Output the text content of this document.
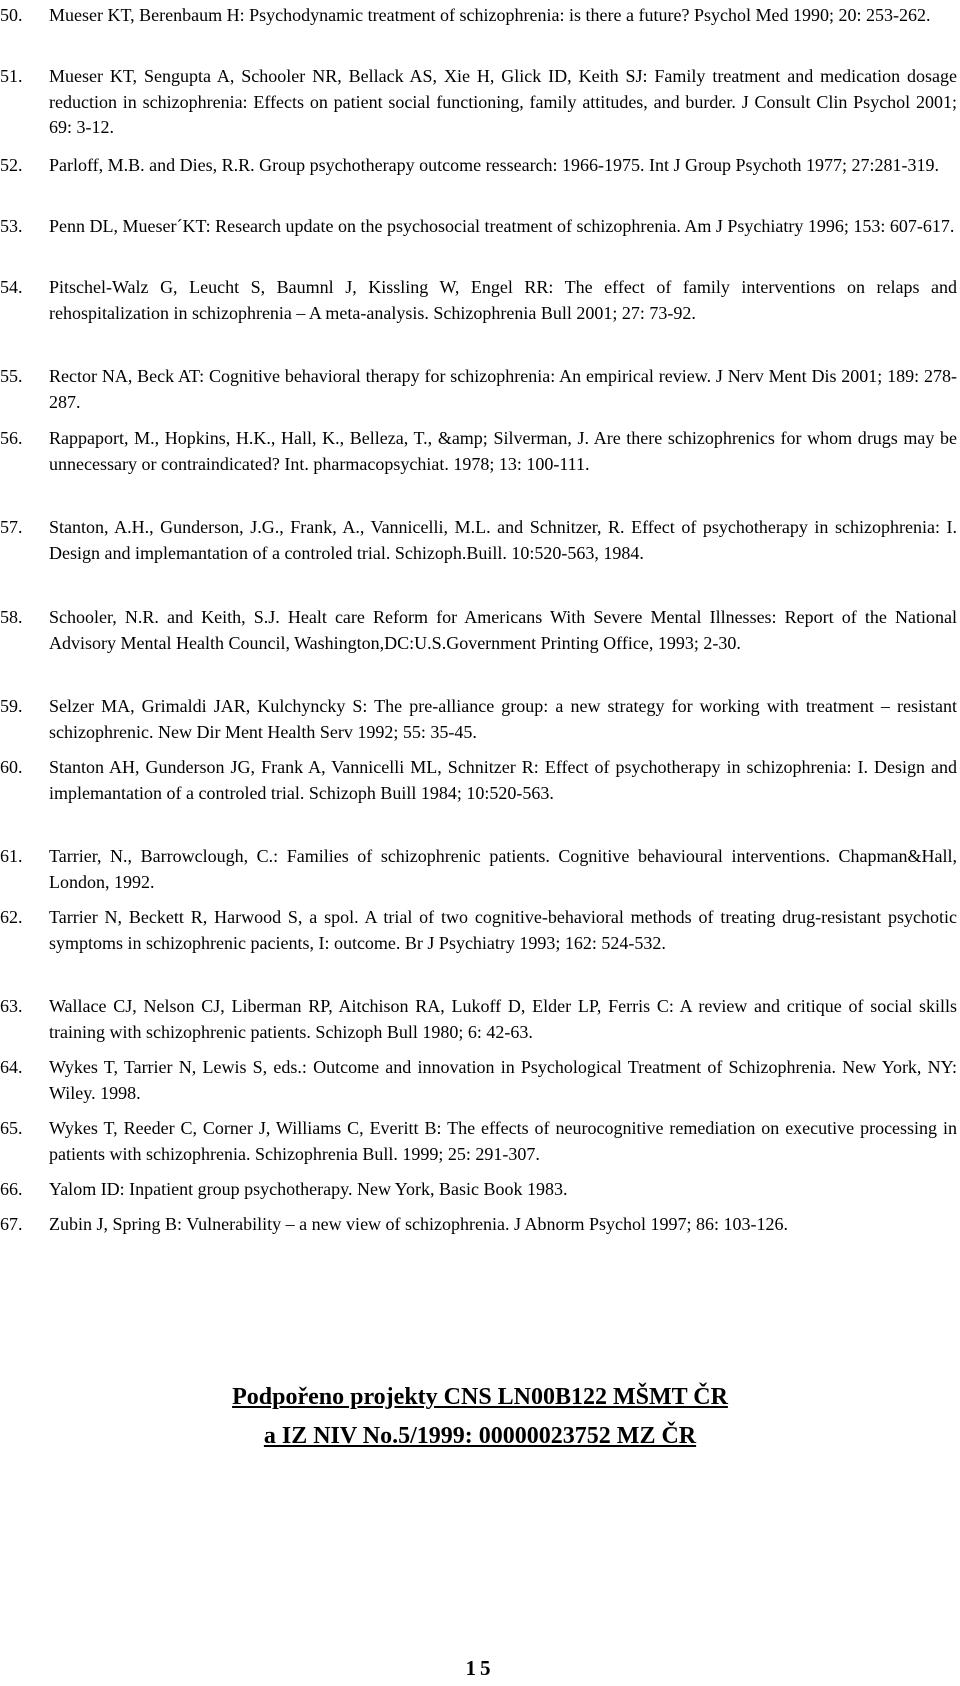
50. Mueser KT, Berenbaum H: Psychodynamic treatment of schizophrenia: is there a future? Psychol Med 1990; 20: 253-262.

51. Mueser KT, Sengupta A, Schooler NR, Bellack AS, Xie H, Glick ID, Keith SJ: Family treatment and medication dosage reduction in schizophrenia: Effects on patient social functioning, family attitudes, and burder. J Consult Clin Psychol 2001; 69: 3-12.

52. Parloff, M.B. and Dies, R.R. Group psychotherapy outcome ressearch: 1966-1975. Int J Group Psychoth 1977; 27:281-319.

53. Penn DL, Mueser´KT: Research update on the psychosocial treatment of schizophrenia. Am J Psychiatry 1996; 153: 607-617.

54. Pitschel-Walz G, Leucht S, Baumnl J, Kissling W, Engel RR: The effect of family interventions on relaps and rehospitalization in schizophrenia – A meta-analysis. Schizophrenia Bull 2001; 27: 73-92.

55. Rector NA, Beck AT: Cognitive behavioral therapy for schizophrenia: An empirical review. J Nerv Ment Dis 2001; 189: 278-287.

56. Rappaport, M., Hopkins, H.K., Hall, K., Belleza, T., &amp; Silverman, J. Are there schizophrenics for whom drugs may be unnecessary or contraindicated? Int. pharmacopsychiat. 1978; 13: 100-111.

57. Stanton, A.H., Gunderson, J.G., Frank, A., Vannicelli, M.L. and Schnitzer, R. Effect of psychotherapy in schizophrenia: I. Design and implemantation of a controled trial. Schizoph.Buill. 10:520-563, 1984.

58. Schooler, N.R. and Keith, S.J. Healt care Reform for Americans With Severe Mental Illnesses: Report of the National Advisory Mental Health Council, Washington,DC:U.S.Government Printing Office, 1993; 2-30.

59. Selzer MA, Grimaldi JAR, Kulchyncky S: The pre-alliance group: a new strategy for working with treatment – resistant schizophrenic. New Dir Ment Health Serv 1992; 55: 35-45.

60. Stanton AH, Gunderson JG, Frank A, Vannicelli ML, Schnitzer R: Effect of psychotherapy in schizophrenia: I. Design and implemantation of a controled trial. Schizoph Buill 1984; 10:520-563.

61. Tarrier, N., Barrowclough, C.: Families of schizophrenic patients. Cognitive behavioural interventions. Chapman&Hall, London, 1992.

62. Tarrier N, Beckett R, Harwood S, a spol. A trial of two cognitive-behavioral methods of treating drug-resistant psychotic symptoms in schizophrenic pacients, I: outcome. Br J Psychiatry 1993; 162: 524-532.

63. Wallace CJ, Nelson CJ, Liberman RP, Aitchison RA, Lukoff D, Elder LP, Ferris C: A review and critique of social skills training with schizophrenic patients. Schizoph Bull 1980; 6: 42-63.

64. Wykes T, Tarrier N, Lewis S, eds.: Outcome and innovation in Psychological Treatment of Schizophrenia. New York, NY: Wiley. 1998.

65. Wykes T, Reeder C, Corner J, Williams C, Everitt B: The effects of neurocognitive remediation on executive processing in patients with schizophrenia. Schizophrenia Bull. 1999; 25: 291-307.

66. Yalom ID: Inpatient group psychotherapy. New York, Basic Book 1983.

67. Zubin J, Spring B: Vulnerability – a new view of schizophrenia. J Abnorm Psychol 1997; 86: 103-126.

Podpořeno projekty CNS LN00B122 MŠMT ČR
a IZ NIV No.5/1999: 00000023752 MZ ČR
15
